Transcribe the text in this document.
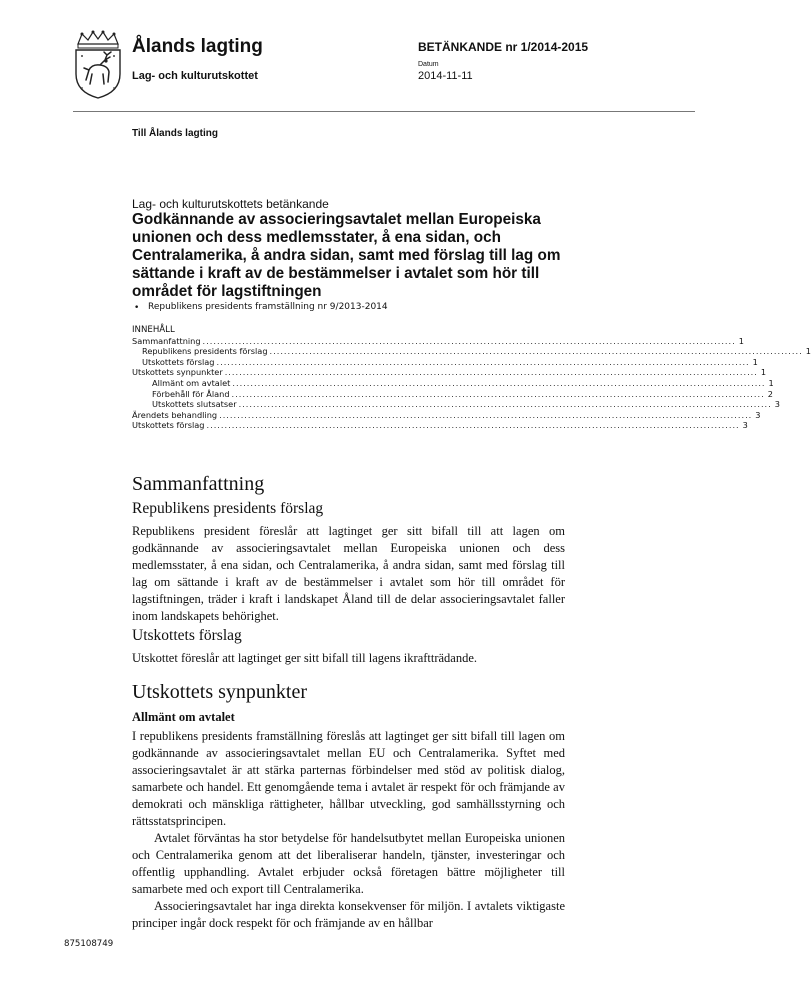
Ålands lagting
Lag- och kulturutskottet
BETÄNKANDE nr 1/2014-2015
Datum
2014-11-11
Till Ålands lagting
Lag- och kulturutskottets betänkande
Godkännande av associeringsavtalet mellan Europeiska unionen och dess medlemsstater, å ena sidan, och Centralamerika, å andra sidan, samt med förslag till lag om sättande i kraft av de bestämmelser i avtalet som hör till området för lagstiftningen
• Republikens presidents framställning nr 9/2013-2014
INNEHÅLL
Sammanfattning .................................................................................................................................................... 1
Republikens presidents förslag .................................................................................................................................................... 1
Utskottets förslag .................................................................................................................................................... 1
Utskottets synpunkter .................................................................................................................................................... 1
Allmänt om avtalet .................................................................................................................................................... 1
Förbehåll för Åland .................................................................................................................................................... 2
Utskottets slutsatser .................................................................................................................................................... 3
Ärendets behandling .................................................................................................................................................... 3
Utskottets förslag .................................................................................................................................................... 3
Sammanfattning
Republikens presidents förslag
Republikens president föreslår att lagtinget ger sitt bifall till att lagen om godkännande av associeringsavtalet mellan Europeiska unionen och dess medlemsstater, å ena sidan, och Centralamerika, å andra sidan, samt med förslag till lag om sättande i kraft av de bestämmelser i avtalet som hör till området för lagstiftningen, träder i kraft i landskapet Åland till de delar associeringsavtalet faller inom landskapets behörighet.
Utskottets förslag
Utskottet föreslår att lagtinget ger sitt bifall till lagens ikraftträdande.
Utskottets synpunkter
Allmänt om avtalet
I republikens presidents framställning föreslås att lagtinget ger sitt bifall till lagen om godkännande av associeringsavtalet mellan EU och Centralamerika. Syftet med associeringsavtalet är att stärka parternas förbindelser med stöd av politisk dialog, samarbete och handel. Ett genomgående tema i avtalet är respekt för och främjande av demokrati och mänskliga rättigheter, hållbar utveckling, god samhällsstyrning och rättsstatsprincipen.
Avtalet förväntas ha stor betydelse för handelsutbytet mellan Europeiska unionen och Centralamerika genom att det liberaliserar handeln, tjänster, investeringar och offentlig upphandling. Avtalet erbjuder också företagen bättre möjligheter till samarbete med och export till Centralamerika.
Associeringsavtalet har inga direkta konsekvenser för miljön. I avtalets viktigaste principer ingår dock respekt för och främjande av en hållbar
875108749
